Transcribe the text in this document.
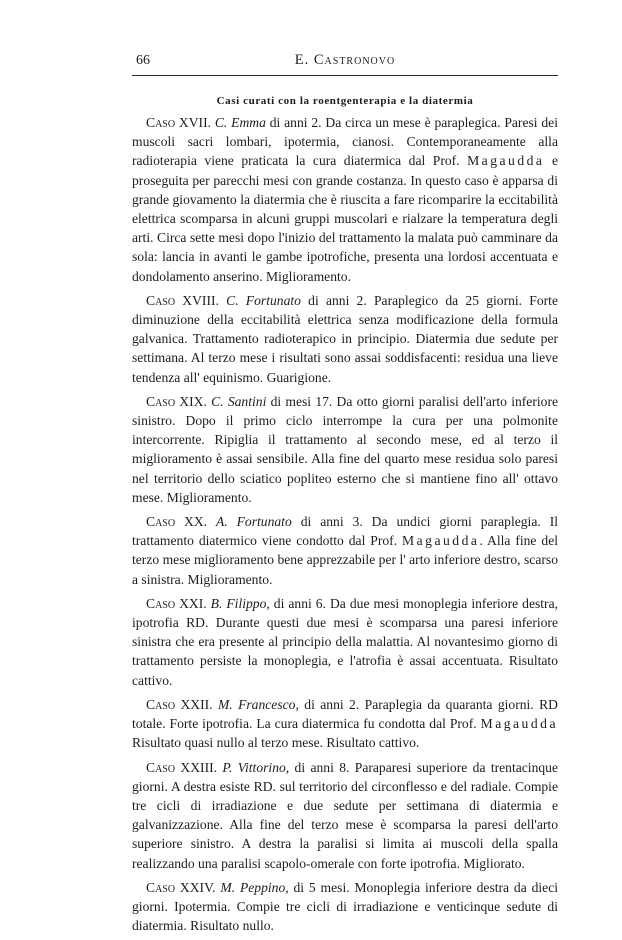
66	E. Castronovo
Casi curati con la roentgenterapia e la diatermia

Caso XVII. C. Emma di anni 2. Da circa un mese è paraplegica. Paresi dei muscoli sacri lombari, ipotermia, cianosi. Contemporaneamente alla radioterapia viene praticata la cura diatermica dal Prof. Magaudda e proseguita per parecchi mesi con grande costanza. In questo caso è apparsa di grande giovamento la diatermia che è riuscita a fare ricomparire la eccitabilità elettrica scomparsa in alcuni gruppi muscolari e rialzare la temperatura degli arti. Circa sette mesi dopo l'inizio del trattamento la malata può camminare da sola: lancia in avanti le gambe ipotrofiche, presenta una lordosi accentuata e dondolamento anserino. Miglioramento.

Caso XVIII. C. Fortunato di anni 2. Paraplegico da 25 giorni. Forte diminuzione della eccitabilità elettrica senza modificazione della formula galvanica. Trattamento radioterapico in principio. Diatermia due sedute per settimana. Al terzo mese i risultati sono assai soddisfacenti: residua una lieve tendenza all' equinismo. Guarigione.

Caso XIX. C. Santini di mesi 17. Da otto giorni paralisi dell'arto inferiore sinistro. Dopo il primo ciclo interrompe la cura per una polmonite intercorrente. Ripiglia il trattamento al secondo mese, ed al terzo il miglioramento è assai sensibile. Alla fine del quarto mese residua solo paresi nel territorio dello sciatico popliteo esterno che si mantiene fino all' ottavo mese. Miglioramento.

Caso XX. A. Fortunato di anni 3. Da undici giorni paraplegia. Il trattamento diatermico viene condotto dal Prof. Magaudda. Alla fine del terzo mese miglioramento bene apprezzabile per l' arto inferiore destro, scarso a sinistra. Miglioramento.

Caso XXI. B. Filippo, di anni 6. Da due mesi monoplegia inferiore destra, ipotrofia RD. Durante questi due mesi è scomparsa una paresi inferiore sinistra che era presente al principio della malattia. Al novantesimo giorno di trattamento persiste la monoplegia, e l'atrofia è assai accentuata. Risultato cattivo.

Caso XXII. M. Francesco, di anni 2. Paraplegia da quaranta giorni. RD totale. Forte ipotrofia. La cura diatermica fu condotta dal Prof. Magaudda Risultato quasi nullo al terzo mese. Risultato cattivo.

Caso XXIII. P. Vittorino, di anni 8. Paraparesi superiore da trentacinque giorni. A destra esiste RD. sul territorio del circonflesso e del radiale. Compie tre cicli di irradiazione e due sedute per settimana di diatermia e galvanizzazione. Alla fine del terzo mese è scomparsa la paresi dell'arto superiore sinistro. A destra la paralisi si limita ai muscoli della spalla realizzando una paralisi scapolo-omerale con forte ipotrofia. Migliorato.

Caso XXIV. M. Peppino, di 5 mesi. Monoplegia inferiore destra da dieci giorni. Ipotermia. Compie tre cicli di irradiazione e venticinque sedute di diatermia. Risultato nullo.
